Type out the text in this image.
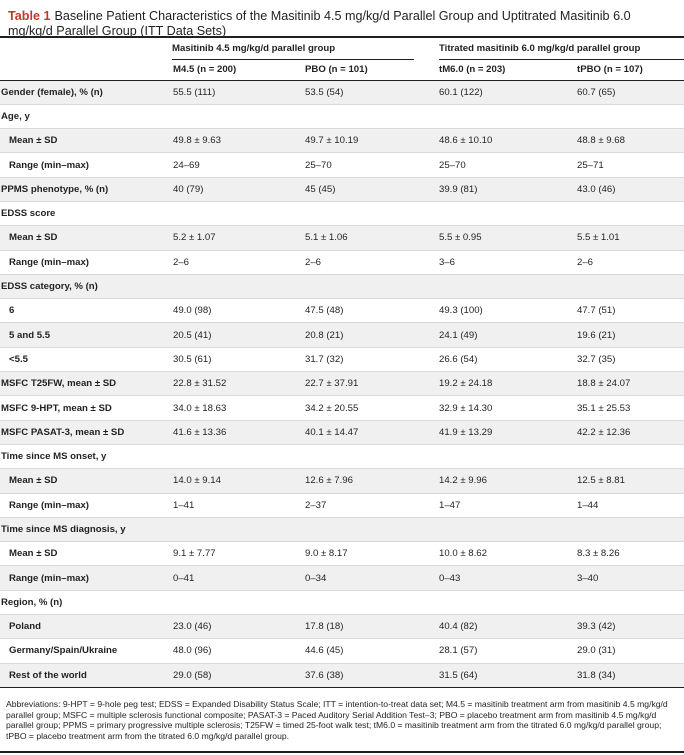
Table 1 Baseline Patient Characteristics of the Masitinib 4.5 mg/kg/d Parallel Group and Uptitrated Masitinib 6.0 mg/kg/d Parallel Group (ITT Data Sets)

	Masitinib 4.5 mg/kg/d parallel group		Titrated masitinib 6.0 mg/kg/d parallel group	

	M4.5 (n = 200)	PBO (n = 101)	tM6.0 (n = 203)	tPBO (n = 107)
Gender (female), % (n)	55.5 (111)	53.5 (54)	60.1 (122)	60.7 (65)
Age, y				
Mean ± SD	49.8 ± 9.63	49.7 ± 10.19	48.6 ± 10.10	48.8 ± 9.68
Range (min–max)	24–69	25–70	25–70	25–71
PPMS phenotype, % (n)	40 (79)	45 (45)	39.9 (81)	43.0 (46)
EDSS score				
Mean ± SD	5.2 ± 1.07	5.1 ± 1.06	5.5 ± 0.95	5.5 ± 1.01
Range (min–max)	2–6	2–6	3–6	2–6
EDSS category, % (n)				
6	49.0 (98)	47.5 (48)	49.3 (100)	47.7 (51)
5 and 5.5	20.5 (41)	20.8 (21)	24.1 (49)	19.6 (21)
<5.5	30.5 (61)	31.7 (32)	26.6 (54)	32.7 (35)
MSFC T25FW, mean ± SD	22.8 ± 31.52	22.7 ± 37.91	19.2 ± 24.18	18.8 ± 24.07
MSFC 9-HPT, mean ± SD	34.0 ± 18.63	34.2 ± 20.55	32.9 ± 14.30	35.1 ± 25.53
MSFC PASAT-3, mean ± SD	41.6 ± 13.36	40.1 ± 14.47	41.9 ± 13.29	42.2 ± 12.36
Time since MS onset, y				
Mean ± SD	14.0 ± 9.14	12.6 ± 7.96	14.2 ± 9.96	12.5 ± 8.81
Range (min–max)	1–41	2–37	1–47	1–44
Time since MS diagnosis, y				
Mean ± SD	9.1 ± 7.77	9.0 ± 8.17	10.0 ± 8.62	8.3 ± 8.26
Range (min–max)	0–41	0–34	0–43	3–40
Region, % (n)				
Poland	23.0 (46)	17.8 (18)	40.4 (82)	39.3 (42)
Germany/Spain/Ukraine	48.0 (96)	44.6 (45)	28.1 (57)	29.0 (31)
Rest of the world	29.0 (58)	37.6 (38)	31.5 (64)	31.8 (34)
Abbreviations: 9-HPT = 9-hole peg test; EDSS = Expanded Disability Status Scale; ITT = intention-to-treat data set; M4.5 = masitinib treatment arm from masitinib 4.5 mg/kg/d parallel group; MSFC = multiple sclerosis functional composite; PASAT-3 = Paced Auditory Serial Addition Test–3; PBO = placebo treatment arm from masitinib 4.5 mg/kg/d parallel group; PPMS = primary progressive multiple sclerosis; T25FW = timed 25-foot walk test; tM6.0 = masitinib treatment arm from the titrated 6.0 mg/kg/d parallel group; tPBO = placebo treatment arm from the titrated 6.0 mg/kg/d parallel group.
